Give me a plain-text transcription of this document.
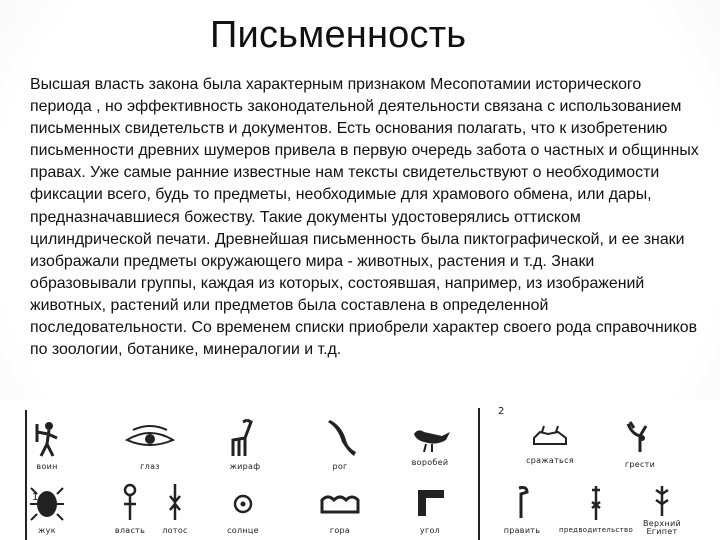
Письменность
Высшая власть закона была характерным признаком Месопотамии исторического периода , но эффективность законодательной деятельности связана с использованием письменных свидетельств и документов. Есть основания полагать, что к изобретению письменности древних шумеров привела в первую очередь забота о частных и общинных правах. Уже самые ранние известные нам тексты свидетельствуют о необходимости фиксации всего, будь то предметы, необходимые для храмового обмена, или дары, предназначавшиеся божеству. Такие документы удостоверялись оттиском цилиндрической печати. Древнейшая письменность была пиктографической, и ее знаки изображали предметы окружающего мира - животных, растения и т.д. Знаки образовывали группы, каждая из которых, состоявшая, например, из изображений животных, растений или предметов была составлена в определенной последовательности. Со временем списки приобрели характер своего рода справочников по зоологии, ботанике, минералогии и т.д.
2
1
воин	глаз	жираф	рог	воробей	сражаться	грести
жук	власть	лотос	солнце	гора	угол	править	предводительство
Верхний Египет
